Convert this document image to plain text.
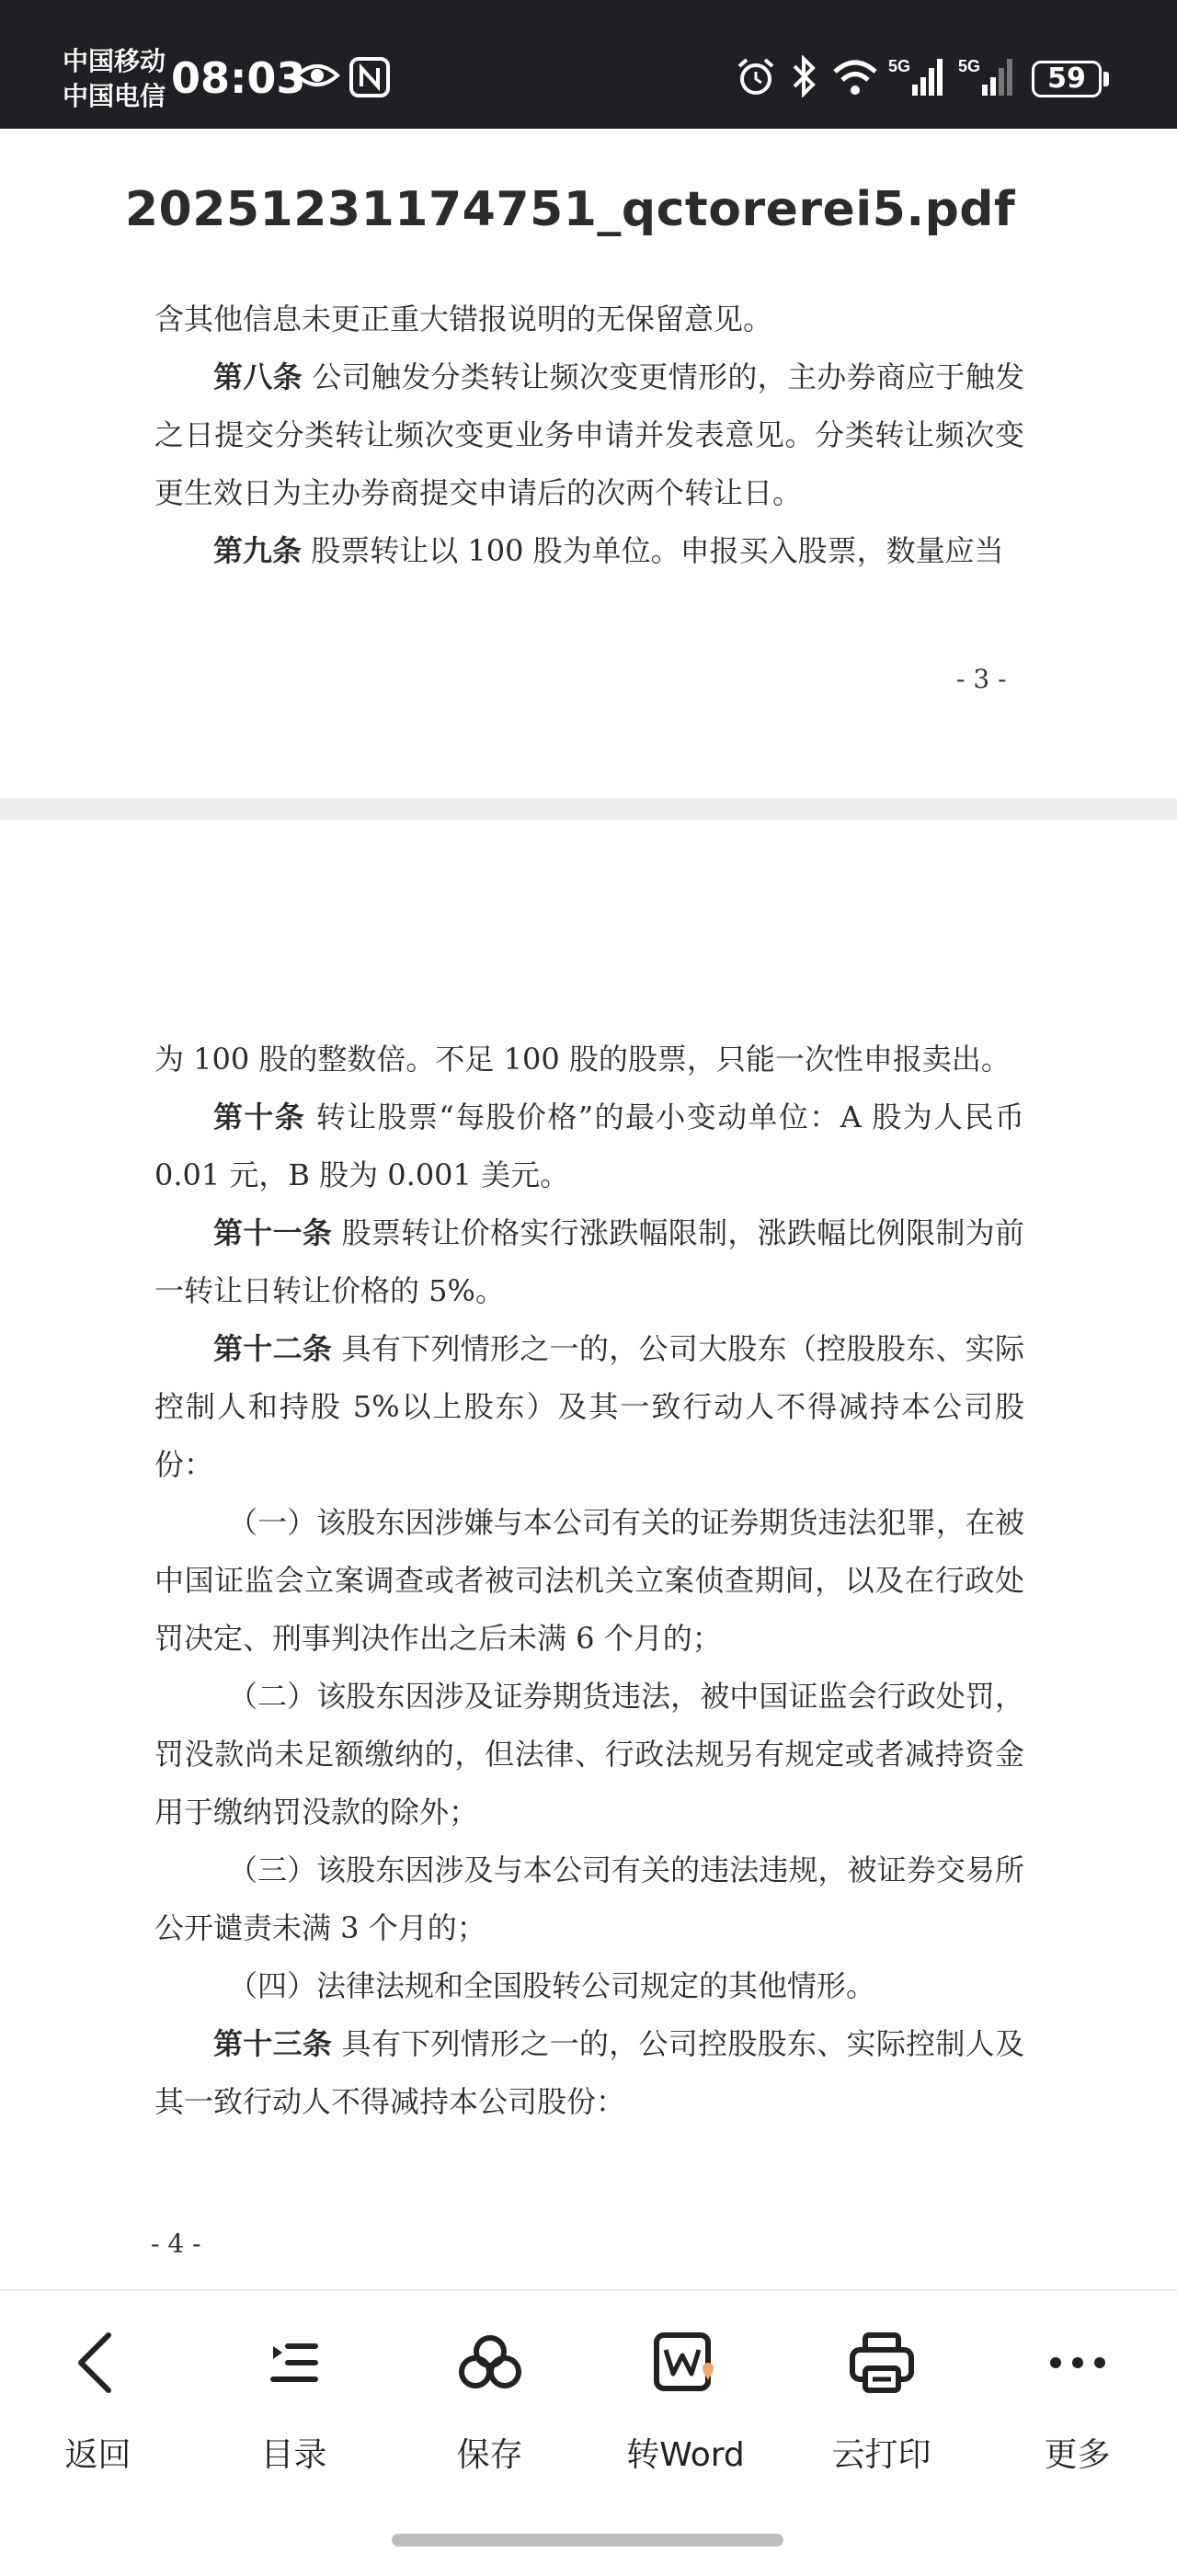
中国移动
中国电信 08:03	5G	5G	59
20251231174751_qctorerei5.pdf

含其他信息未更正重大错报说明的无保留意见。

第八条 公司触发分类转让频次变更情形的，主办券商应于触发之日提交分类转让频次变更业务申请并发表意见。分类转让频次变更生效日为主办券商提交申请后的次两个转让日。

第九条 股票转让以 100 股为单位。申报买入股票，数量应当

- 3 -

为 100 股的整数倍。不足 100 股的股票，只能一次性申报卖出。

第十条 转让股票“每股价格”的最小变动单位：A 股为人民币 0.01 元，B 股为 0.001 美元。

第十一条 股票转让价格实行涨跌幅限制，涨跌幅比例限制为前一转让日转让价格的 5%。

第十二条 具有下列情形之一的，公司大股东（控股股东、实际控制人和持股 5%以上股东）及其一致行动人不得减持本公司股份：

（一）该股东因涉嫌与本公司有关的证券期货违法犯罪，在被中国证监会立案调查或者被司法机关立案侦查期间，以及在行政处罚决定、刑事判决作出之后未满 6 个月的；

（二）该股东因涉及证券期货违法，被中国证监会行政处罚，罚没款尚未足额缴纳的，但法律、行政法规另有规定或者减持资金用于缴纳罚没款的除外；

（三）该股东因涉及与本公司有关的违法违规，被证券交易所公开谴责未满 3 个月的；

（四）法律法规和全国股转公司规定的其他情形。

第十三条 具有下列情形之一的，公司控股股东、实际控制人及其一致行动人不得减持本公司股份：

- 4 -
返回	目录	保存	转Word	云打印	更多
